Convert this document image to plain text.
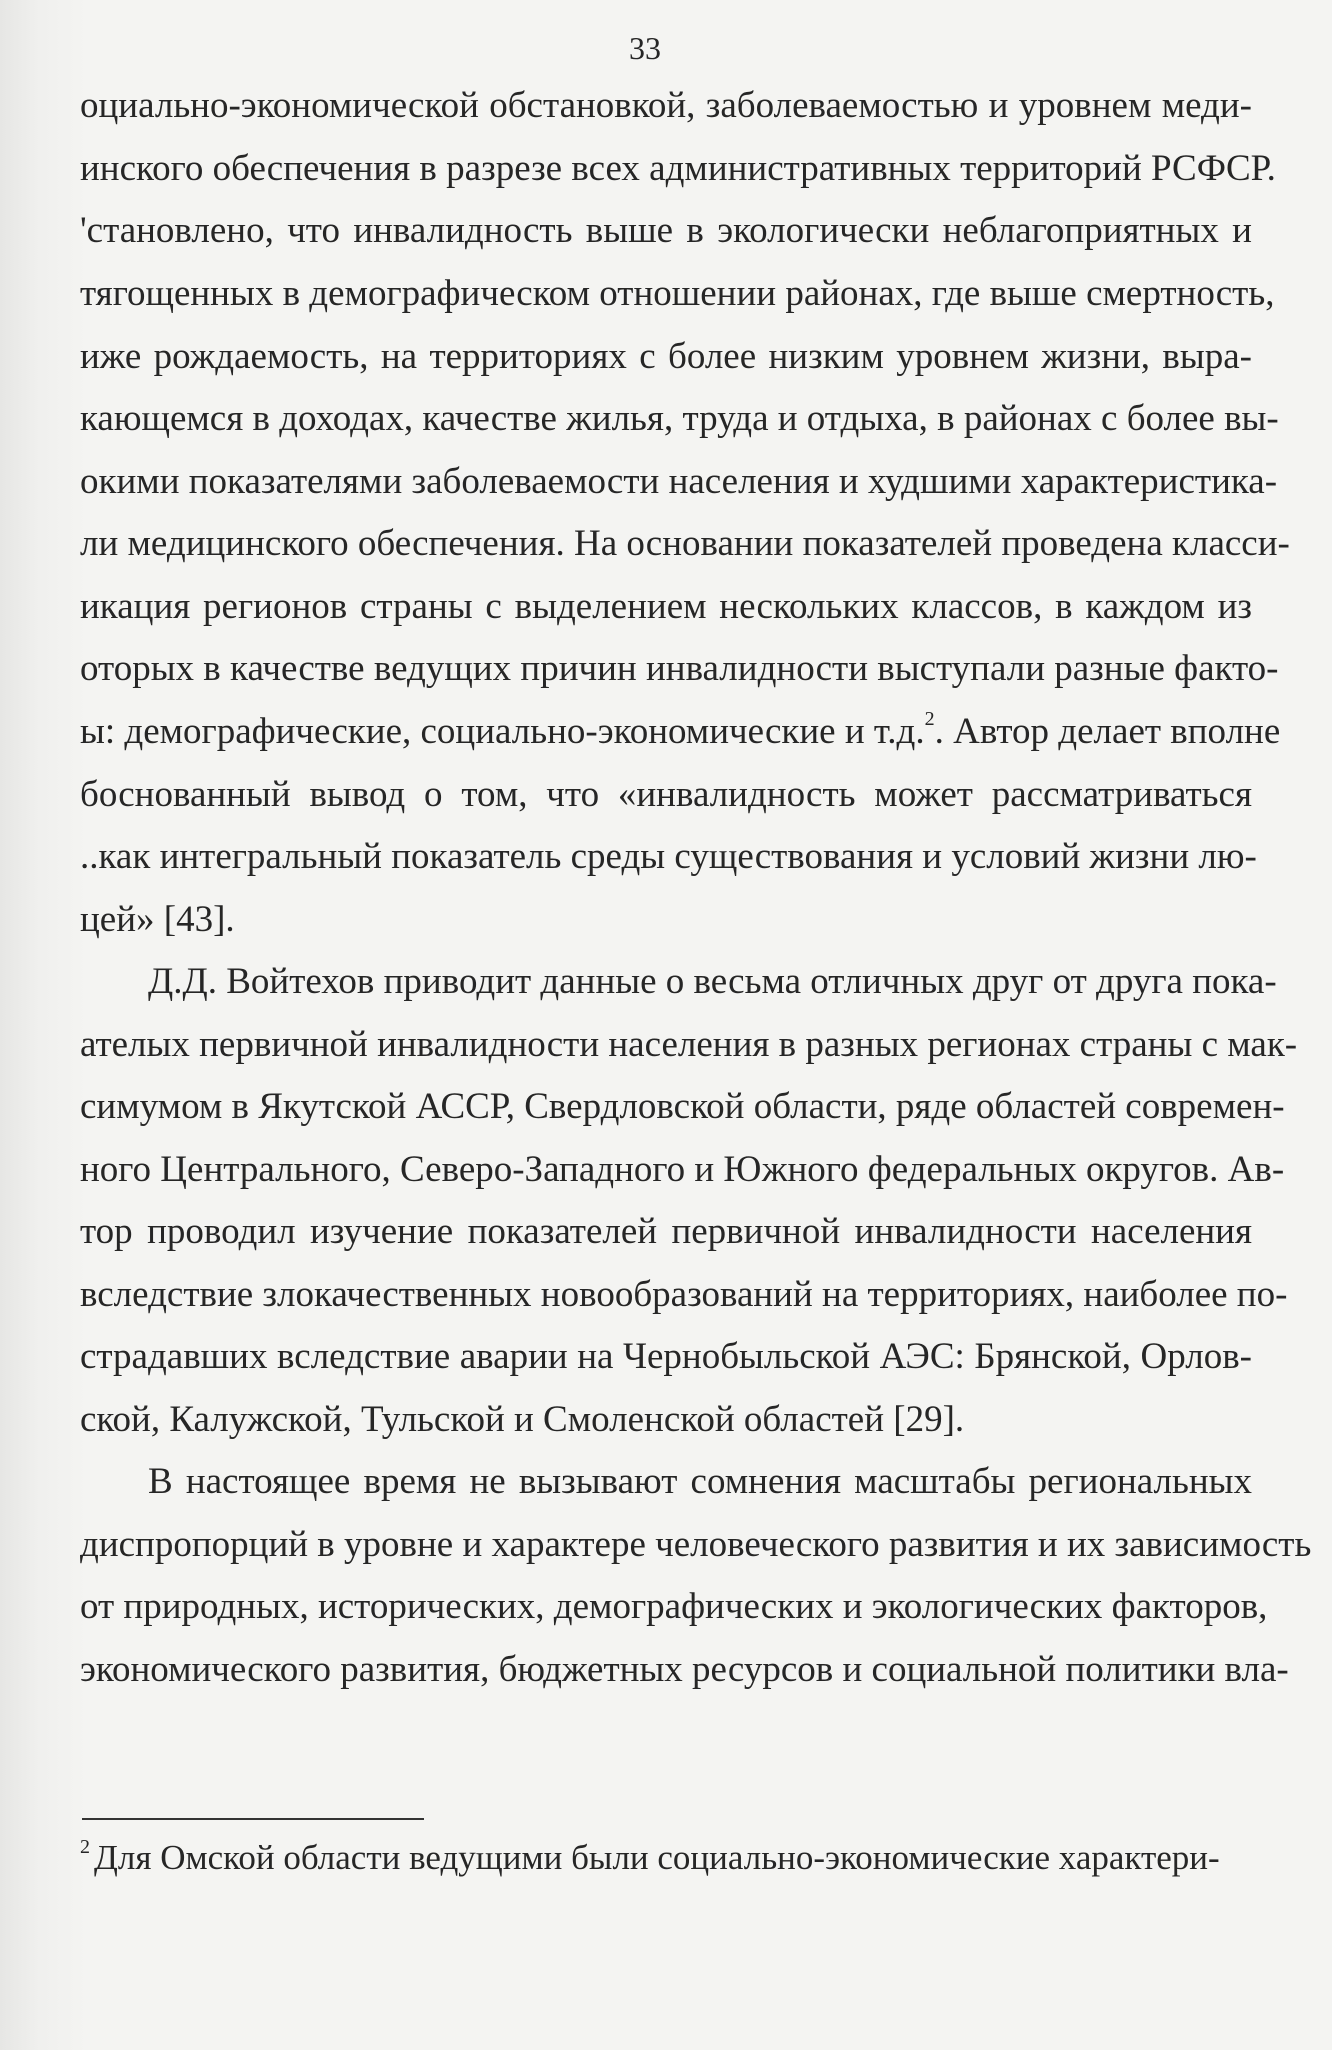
33
оциально-экономической обстановкой, заболеваемостью и уровнем меди-
инского обеспечения в разрезе всех административных территорий РСФСР.
'становлено, что инвалидность выше в экологически неблагоприятных и
тягощенных в демографическом отношении районах, где выше смертность,
иже рождаемость, на территориях с более низким уровнем жизни, выра-
кающемся в доходах, качестве жилья, труда и отдыха, в районах с более вы-
окими показателями заболеваемости населения и худшими характеристика-
ли медицинского обеспечения. На основании показателей проведена класси-
икация регионов страны с выделением нескольких классов, в каждом из
оторых в качестве ведущих причин инвалидности выступали разные факто-
ы: демографические, социально-экономические и т.д.$^2$. Автор делает вполне
боснованный вывод о том, что «инвалидность может рассматриваться
..как интегральный показатель среды существования и условий жизни лю-
цей» [43].
Д.Д. Войтехов приводит данные о весьма отличных друг от друга пока-
ателых первичной инвалидности населения в разных регионах страны с мак-
симумом в Якутской АССР, Свердловской области, ряде областей современ-
ного Центрального, Северо-Западного и Южного федеральных округов. Ав-
тор проводил изучение показателей первичной инвалидности населения
вследствие злокачественных новообразований на территориях, наиболее по-
страдавших вследствие аварии на Чернобыльской АЭС: Брянской, Орлов-
ской, Калужской, Тульской и Смоленской областей [29].
В настоящее время не вызывают сомнения масштабы региональных
диспропорций в уровне и характере человеческого развития и их зависимость
от природных, исторических, демографических и экологических факторов,
экономического развития, бюджетных ресурсов и социальной политики вла-
$^2$ Для Омской области ведущими были социально-экономические характери-
